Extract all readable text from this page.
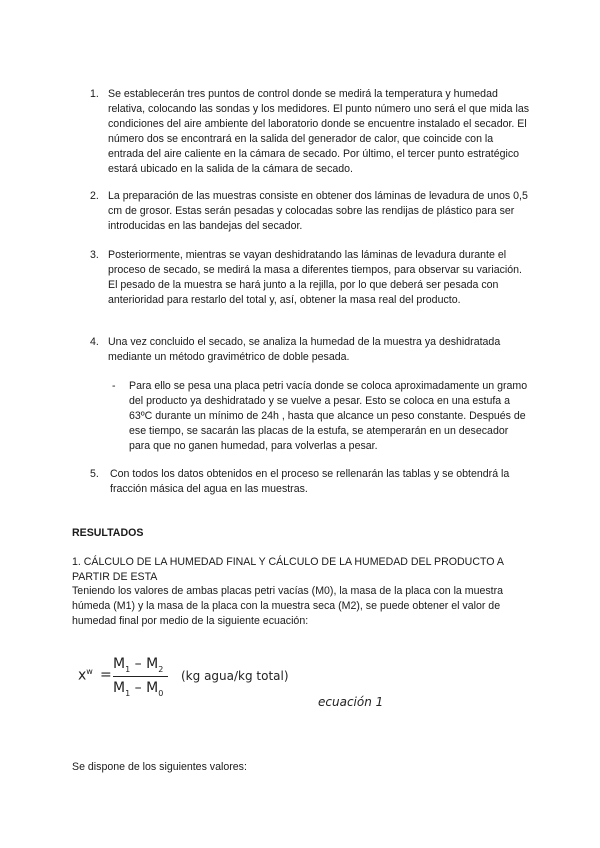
1. Se establecerán tres puntos de control donde se medirá la temperatura y humedad relativa, colocando las sondas y los medidores. El punto número uno será el que mida las condiciones del aire ambiente del laboratorio donde se encuentre instalado el secador. El número dos se encontrará en la salida del generador de calor, que coincide con la entrada del aire caliente en la cámara de secado. Por último, el tercer punto estratégico estará ubicado en la salida de la cámara de secado.
2. La preparación de las muestras consiste en obtener dos láminas de levadura de unos 0,5 cm de grosor. Estas serán pesadas y colocadas sobre las rendijas de plástico para ser introducidas en las bandejas del secador.
3. Posteriormente, mientras se vayan deshidratando las láminas de levadura durante el proceso de secado, se medirá la masa a diferentes tiempos, para observar su variación. El pesado de la muestra se hará junto a la rejilla, por lo que deberá ser pesada con anterioridad para restarlo del total y, así, obtener la masa real del producto.
4. Una vez concluido el secado, se analiza la humedad de la muestra ya deshidratada mediante un método gravimétrico de doble pesada.
- Para ello se pesa una placa petri vacía donde se coloca aproximadamente un gramo del producto ya deshidratado y se vuelve a pesar. Esto se coloca en una estufa a 63ºC durante un mínimo de 24h , hasta que alcance un peso constante. Después de ese tiempo, se sacarán las placas de la estufa, se atemperarán en un desecador para que no ganen humedad, para volverlas a pesar.
5. Con todos los datos obtenidos en el proceso se rellenarán las tablas y se obtendrá la fracción másica del agua en las muestras.
RESULTADOS
1. CÁLCULO DE LA HUMEDAD FINAL Y CÁLCULO DE LA HUMEDAD DEL PRODUCTO A PARTIR DE ESTA
Teniendo los valores de ambas placas petri vacías (M0), la masa de la placa con la muestra húmeda (M1) y la masa de la placa con la muestra seca (M2), se puede obtener el valor de humedad final por medio de la siguiente ecuación:
$x^w$ =
$M_1 - M_2$
$M_1 - M_0$
(kg agua/kg total)
ecuación 1
Se dispone de los siguientes valores:
